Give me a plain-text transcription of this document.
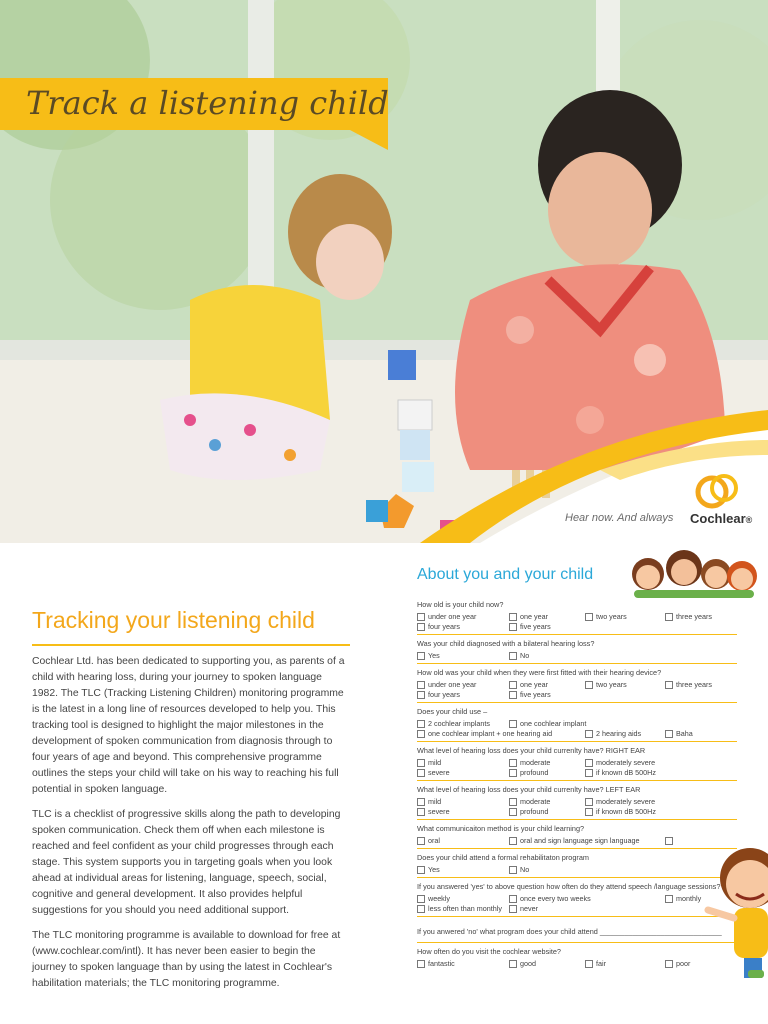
Track a listening child
Hear now. And always Cochlear®
Tracking your listening child

Cochlear Ltd. has been dedicated to supporting you, as parents of a child with hearing loss, during your journey to spoken language 1982. The TLC (Tracking Listening Children) monitoring programme is the latest in a long line of resources developed to help you. This tracking tool is designed to highlight the major milestones in the development of spoken communication from diagnosis through to four years of age and beyond. This comprehensive programme outlines the steps your child will take on his way to reaching his full potential in spoken language.

TLC is a checklist of progressive skills along the path to developing spoken communication. Check them off when each milestone is reached and feel confident as your child progresses through each stage. This system supports you in targeting goals when you look ahead at individual areas for listening, language, speech, social, cognitive and general development. It also provides helpful suggestions for you should you need additional support.

The TLC monitoring programme is available to download for free at (www.cochlear.com/intl). It has never been easier to begin the journey to spoken language than by using the latest in Cochlear's habilitation materials; the TLC monitoring programme.

About you and your child
How old is your child now?
under one year	one year	two years	three years
four years	five years
Was your child diagnosed with a bilateral hearing loss?
Yes	No
How old was your child when they were first fitted with their hearing device?
under one year	one year	two years	three years
four years	five years
Does your child use –
2 cochlear implants	one cochlear implant
one cochlear implant + one hearing aid	2 hearing aids	Baha
What level of hearing loss does your child currenlty have? RIGHT EAR
mild	moderate	moderately severe
severe	profound	if known dB 500Hz
What level of hearing loss does your child currenlty have? LEFT EAR
mild	moderate	moderately severe
severe	profound	if known dB 500Hz
What communicaiton method is your child learning?
oral	oral and sign language
sign language
Does your child attend a formal rehabilitaton program
Yes	No
If you answered 'yes' to above question how often do they attend speech /language sessions?
weekly	once every two weeks	monthly
less often than monthly	never
If you anwered 'no' what program does your child attend ______________________________
How often do you visit the cochlear website?
fantastic	good	fair	poor
